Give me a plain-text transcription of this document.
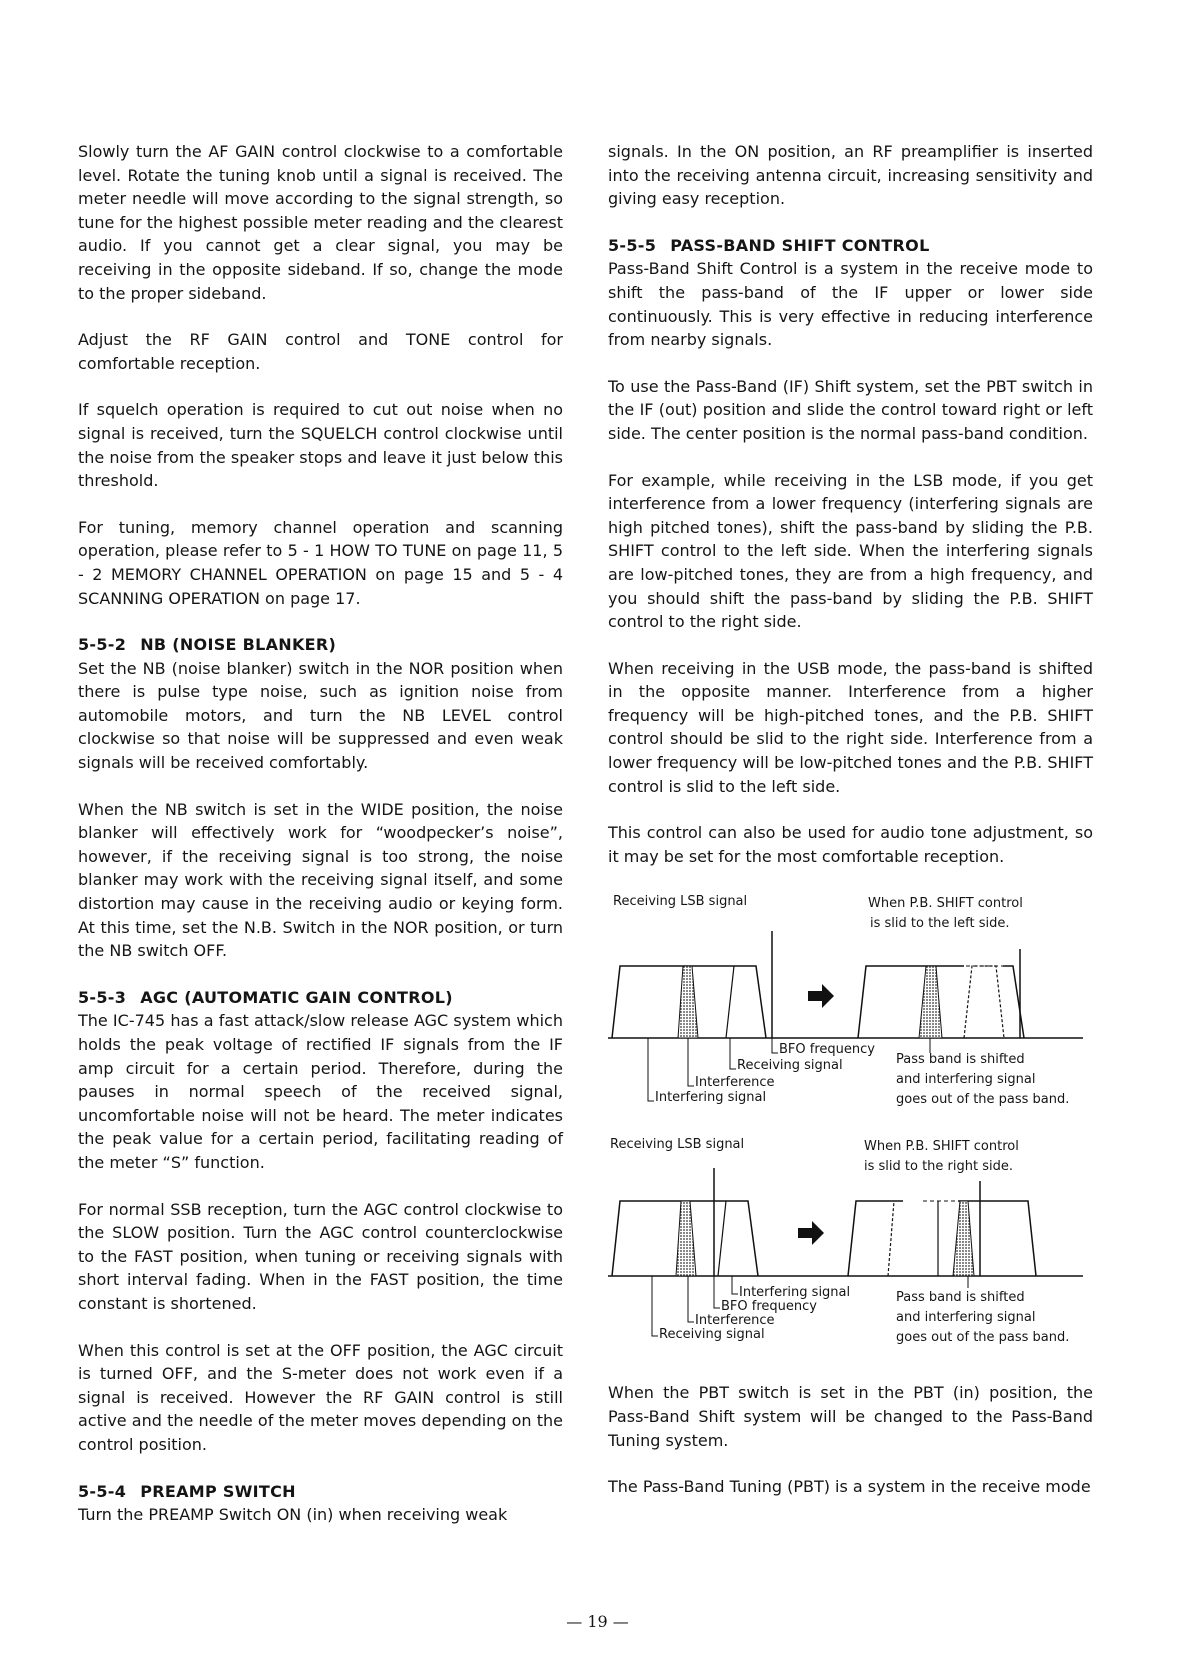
Slowly turn the AF GAIN control clockwise to a comfortable level. Rotate the tuning knob until a signal is received. The meter needle will move according to the signal strength, so tune for the highest possible meter reading and the clearest audio. If you cannot get a clear signal, you may be receiving in the opposite sideband. If so, change the mode to the proper sideband.

Adjust the RF GAIN control and TONE control for comfortable reception.

If squelch operation is required to cut out noise when no signal is received, turn the SQUELCH control clockwise until the noise from the speaker stops and leave it just below this threshold.

For tuning, memory channel operation and scanning operation, please refer to 5 - 1 HOW TO TUNE on page 11, 5 - 2 MEMORY CHANNEL OPERATION on page 15 and 5 - 4 SCANNING OPERATION on page 17.

5-5-2 NB (NOISE BLANKER)

Set the NB (noise blanker) switch in the NOR position when there is pulse type noise, such as ignition noise from automobile motors, and turn the NB LEVEL control clockwise so that noise will be suppressed and even weak signals will be received comfortably.

When the NB switch is set in the WIDE position, the noise blanker will effectively work for “woodpecker’s noise”, however, if the receiving signal is too strong, the noise blanker may work with the receiving signal itself, and some distortion may cause in the receiving audio or keying form. At this time, set the N.B. Switch in the NOR position, or turn the NB switch OFF.

5-5-3 AGC (AUTOMATIC GAIN CONTROL)

The IC-745 has a fast attack/slow release AGC system which holds the peak voltage of rectified IF signals from the IF amp circuit for a certain period. Therefore, during the pauses in normal speech of the received signal, uncomfortable noise will not be heard. The meter indicates the peak value for a certain period, facilitating reading of the meter “S” function.

For normal SSB reception, turn the AGC control clockwise to the SLOW position. Turn the AGC control counterclockwise to the FAST position, when tuning or receiving signals with short interval fading. When in the FAST position, the time constant is shortened.

When this control is set at the OFF position, the AGC circuit is turned OFF, and the S-meter does not work even if a signal is received. However the RF GAIN control is still active and the needle of the meter moves depending on the control position.

5-5-4 PREAMP SWITCH

Turn the PREAMP Switch ON (in) when receiving weak

signals. In the ON position, an RF preamplifier is inserted into the receiving antenna circuit, increasing sensitivity and giving easy reception.

5-5-5 PASS-BAND SHIFT CONTROL

Pass-Band Shift Control is a system in the receive mode to shift the pass-band of the IF upper or lower side continuously. This is very effective in reducing interference from nearby signals.

To use the Pass-Band (IF) Shift system, set the PBT switch in the IF (out) position and slide the control toward right or left side. The center position is the normal pass-band condition.

For example, while receiving in the LSB mode, if you get interference from a lower frequency (interfering signals are high pitched tones), shift the pass-band by sliding the P.B. SHIFT control to the left side. When the interfering signals are low-pitched tones, they are from a high frequency, and you should shift the pass-band by sliding the P.B. SHIFT control to the right side.

When receiving in the USB mode, the pass-band is shifted in the opposite manner. Interference from a higher frequency will be high-pitched tones, and the P.B. SHIFT control should be slid to the right side. Interference from a lower frequency will be low-pitched tones and the P.B. SHIFT control is slid to the left side.

This control can also be used for audio tone adjustment, so it may be set for the most comfortable reception.

Receiving LSB signal	When P.B. SHIFT control
is slid to the left side.
BFO frequency
Receiving signal
Interference
Interfering signal
Pass band is shifted
and interfering signal
goes out of the pass band.
Receiving LSB signal	When P.B. SHIFT control
is slid to the right side.
Interfering signal
BFO frequency
Interference
Receiving signal
Pass band is shifted
and interfering signal
goes out of the pass band.

When the PBT switch is set in the PBT (in) position, the Pass-Band Shift system will be changed to the Pass-Band Tuning system.

The Pass-Band Tuning (PBT) is a system in the receive mode

— 19 —
